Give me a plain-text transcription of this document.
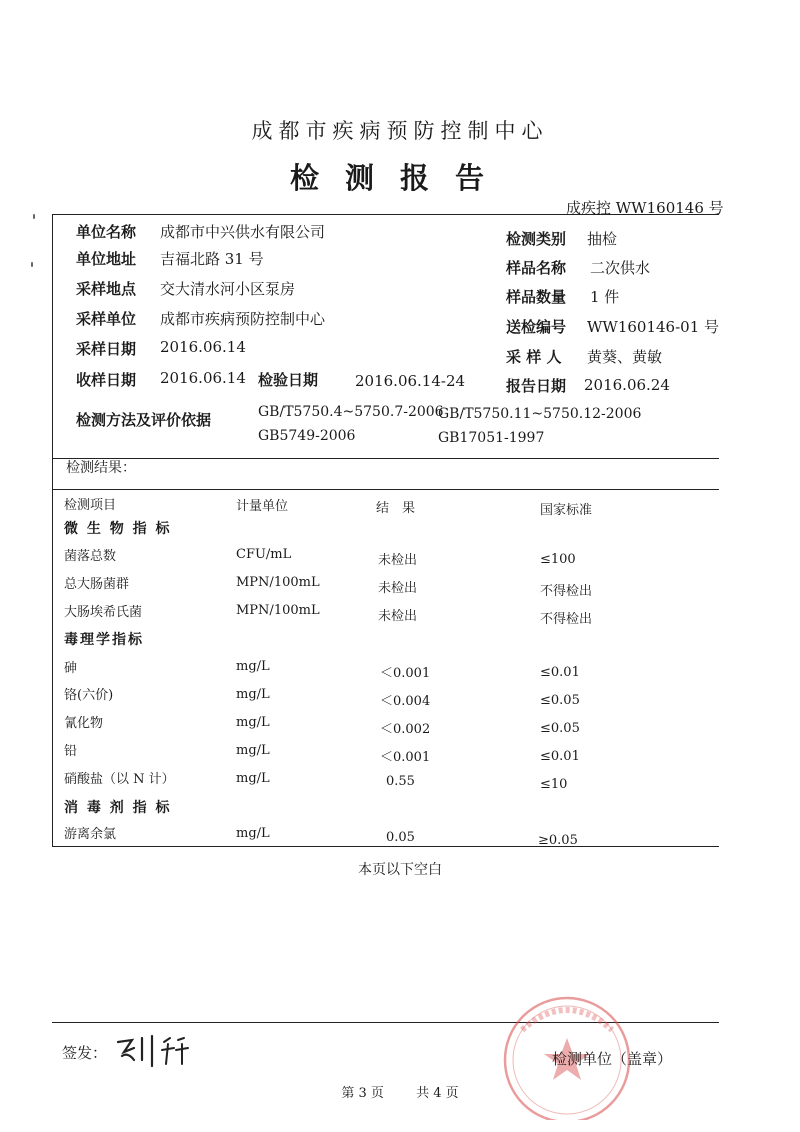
成都市疾病预防控制中心
检测报告
成疾控 WW160146 号
单位名称 成都市中兴供水有限公司
单位地址 吉福北路 31 号
采样地点 交大清水河小区泵房
采样单位 成都市疾病预防控制中心
采样日期 2016.06.14
收样日期 2016.06.14 检验日期 2016.06.14-24
检测类别 抽检
样品名称 二次供水
样品数量 1 件
送检编号 WW160146-01 号
采 样 人 黄葵、黄敏
报告日期 2016.06.24
检测方法及评价依据	GB/T5750.4~5750.7-2006
GB/T5750.11~5750.12-2006
GB5749-2006	GB17051-1997
检测结果：
检测项目	计量单位	结　果	国家标准
微 生 物 指 标
菌落总数	CFU/mL	未检出	≤100
总大肠菌群	MPN/100mL	未检出	不得检出
大肠埃希氏菌	MPN/100mL	未检出	不得检出
毒理学指标
砷	mg/L	＜0.001	≤0.01
铬(六价)	mg/L	＜0.004	≤0.05
氰化物	mg/L	＜0.002	≤0.05
铅	mg/L	＜0.001	≤0.01
硝酸盐（以 N 计）	mg/L	0.55	≤10
消 毒 剂 指 标
游离余氯	mg/L	0.05	≥0.05
本页以下空白
签发：	检测单位（盖章）
第 3 页 共 4 页
